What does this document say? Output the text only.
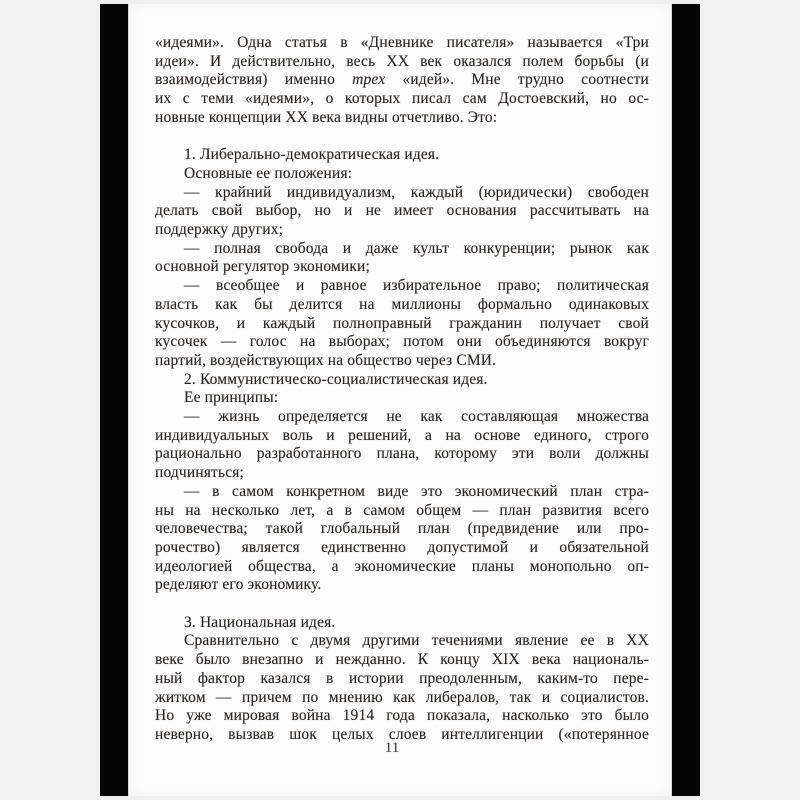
«идеями». Одна статья в «Дневнике писателя» называется «Три
идеи». И действительно, весь XX век оказался полем борьбы (и
взаимодействия) именно трех «идей». Мне трудно соотнести
их с теми «идеями», о которых писал сам Достоевский, но ос-
новные концепции XX века видны отчетливо. Это:
1. Либерально-демократическая идея.
Основные ее положения:
— крайний индивидуализм, каждый (юридически) свободен
делать свой выбор, но и не имеет основания рассчитывать на
поддержку других;
— полная свобода и даже культ конкуренции; рынок как
основной регулятор экономики;
— всеобщее и равное избирательное право; политическая
власть как бы делится на миллионы формально одинаковых
кусочков, и каждый полноправный гражданин получает свой
кусочек — голос на выборах; потом они объединяются вокруг
партий, воздействующих на общество через СМИ.
2. Коммунистическо-социалистическая идея.
Ее принципы:
— жизнь определяется не как составляющая множества
индивидуальных воль и решений, а на основе единого, строго
рационально разработанного плана, которому эти воли должны
подчиняться;
— в самом конкретном виде это экономический план стра-
ны на несколько лет, а в самом общем — план развития всего
человечества; такой глобальный план (предвидение или про-
рочество) является единственно допустимой и обязательной
идеологией общества, а экономические планы монопольно оп-
ределяют его экономику.
3. Национальная идея.
Сравнительно с двумя другими течениями явление ее в XX
веке было внезапно и нежданно. К концу XIX века националь-
ный фактор казался в истории преодоленным, каким-то пере-
житком — причем по мнению как либералов, так и социалистов.
Но уже мировая война 1914 года показала, насколько это было
неверно, вызвав шок целых слоев интеллигенции («потерянное
11
